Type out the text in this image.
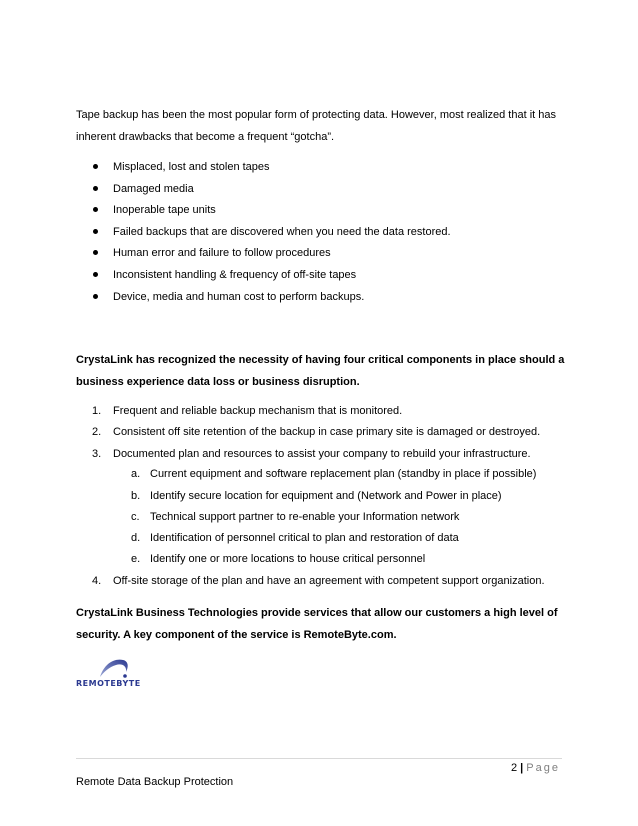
Tape backup has been the most popular form of protecting data. However, most realized that it has inherent drawbacks that become a frequent “gotcha”.

Misplaced, lost and stolen tapes
Damaged media
Inoperable tape units
Failed backups that are discovered when you need the data restored.
Human error and failure to follow procedures
Inconsistent handling & frequency of off-site tapes
Device, media and human cost to perform backups.

CrystaLink has recognized the necessity of having four critical components in place should a business experience data loss or business disruption.

1. Frequent and reliable backup mechanism that is monitored.
2. Consistent off site retention of the backup in case primary site is damaged or destroyed.
3. Documented plan and resources to assist your company to rebuild your infrastructure.
a. Current equipment and software replacement plan (standby in place if possible)
b. Identify secure location for equipment and (Network and Power in place)
c. Technical support partner to re-enable your Information network
d. Identification of personnel critical to plan and restoration of data
e. Identify one or more locations to house critical personnel
4. Off-site storage of the plan and have an agreement with competent support organization.

CrystaLink Business Technologies provide services that allow our customers a high level of security. A key component of the service is RemoteByte.com.

REMOTEBYTE
2 | Page
Remote Data Backup Protection
